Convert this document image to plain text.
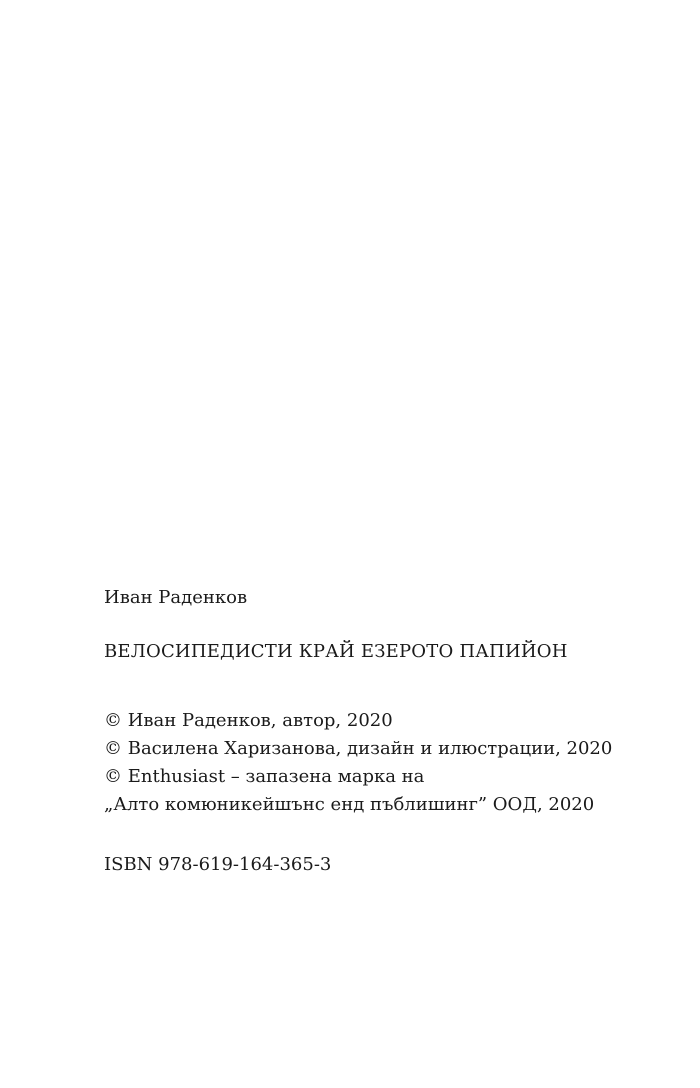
Иван Раденков

ВЕЛОСИПЕДИСТИ КРАЙ ЕЗЕРОТО ПАПИЙОН

© Иван Раденков, автор, 2020

© Василена Харизанова, дизайн и илюстрации, 2020

© Enthusiast – запазена марка на

„Алто комюникейшънс енд пъблишинг” ООД, 2020

ISBN 978-619-164-365-3
